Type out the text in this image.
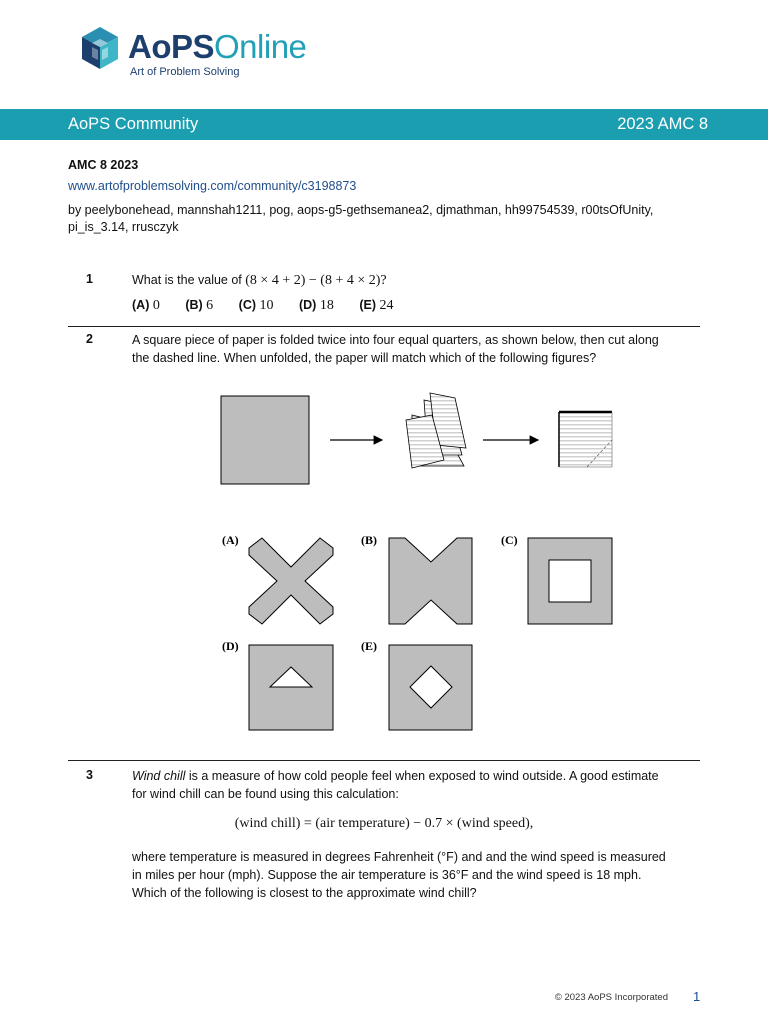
AoPSOnline
Art of Problem Solving
AoPS Community	2023 AMC 8
AMC 8 2023
www.artofproblemsolving.com/community/c3198873
by peelybonehead, mannshah1211, pog, aops-g5-gethsemanea2, djmathman, hh99754539, r00tsOfUnity, pi_is_3.14, rrusczyk
1	What is the value of (8 × 4 + 2) − (8 + 4 × 2)?
(A) 0 (B) 6 (C) 10 (D) 18 (E) 24
2	A square piece of paper is folded twice into four equal quarters, as shown below, then cut along
the dashed line. When unfolded, the paper will match which of the following figures?
(A)	(B)	(C)
(D)	(E)
3	Wind chill is a measure of how cold people feel when exposed to wind outside. A good estimate
for wind chill can be found using this calculation:
(wind chill) = (air temperature) − 0.7 × (wind speed),
where temperature is measured in degrees Fahrenheit (°F) and and the wind speed is measured
in miles per hour (mph). Suppose the air temperature is 36°F and the wind speed is 18 mph.
Which of the following is closest to the approximate wind chill?
© 2023 AoPS Incorporated 1
